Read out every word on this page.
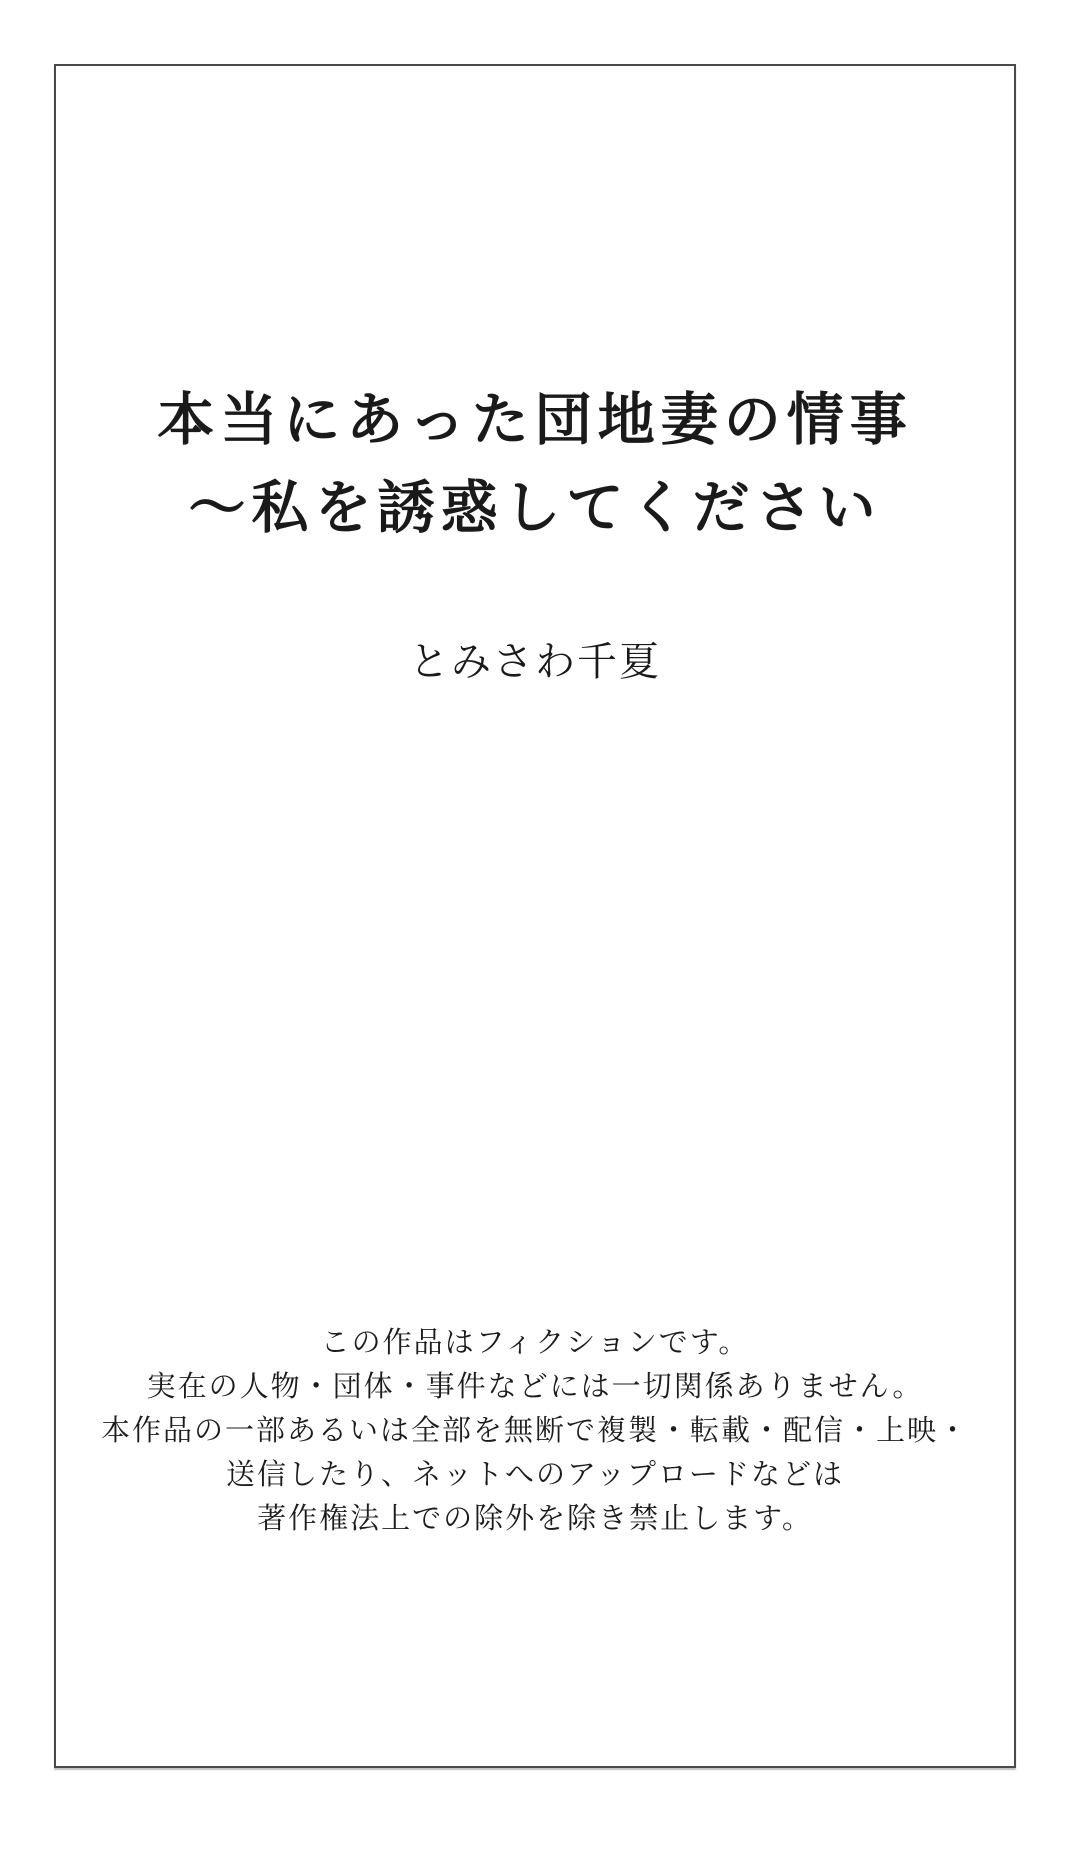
本当にあった団地妻の情事
〜私を誘惑してください
とみさわ千夏
この作品はフィクションです。
実在の人物・団体・事件などには一切関係ありません。
本作品の一部あるいは全部を無断で複製・転載・配信・上映・
送信したり、ネットへのアップロードなどは
著作権法上での除外を除き禁止します。
